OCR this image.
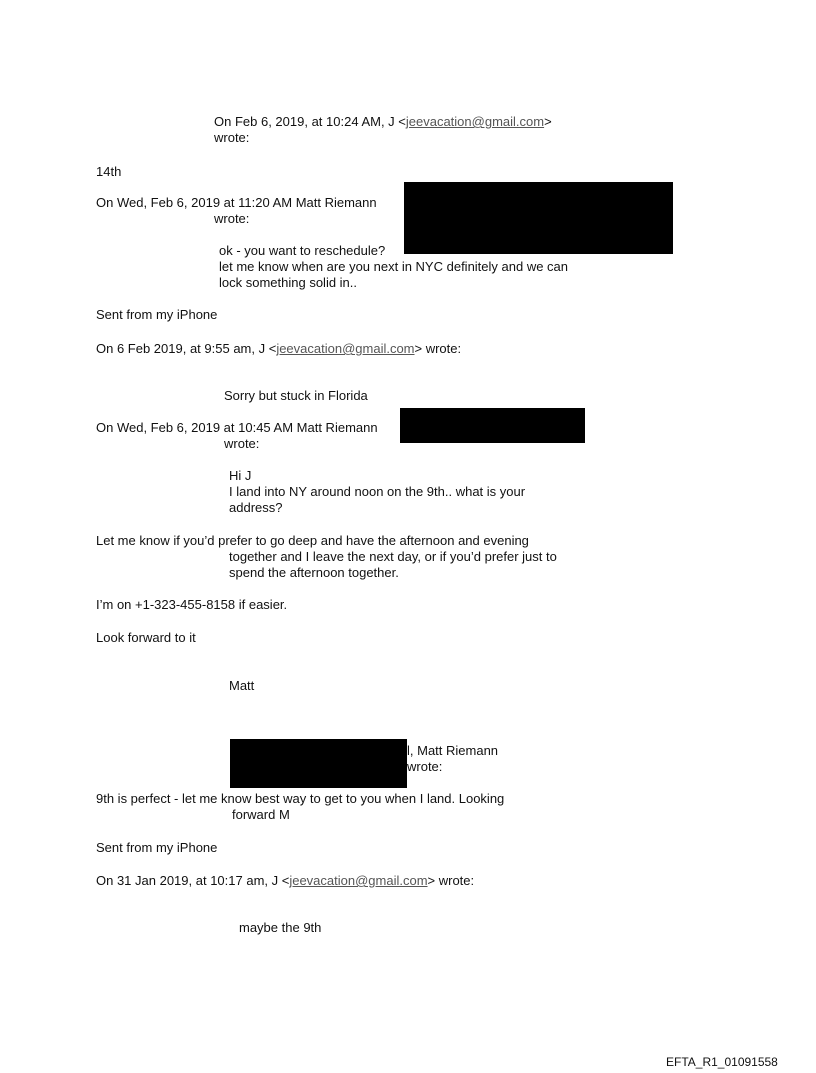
On Feb 6, 2019, at 10:24 AM, J <jeevacation@gmail.com>
wrote:
14th
On Wed, Feb 6, 2019 at 11:20 AM Matt Riemann
wrote:
ok - you want to reschedule?
let me know when are you next in NYC definitely and we can
lock something solid in..
Sent from my iPhone
On 6 Feb 2019, at 9:55 am, J <jeevacation@gmail.com> wrote:
Sorry but stuck in Florida
On Wed, Feb 6, 2019 at 10:45 AM Matt Riemann
wrote:
Hi J
I land into NY around noon on the 9th.. what is your
address?
Let me know if you’d prefer to go deep and have the afternoon and evening
together and I leave the next day, or if you’d prefer just to
spend the afternoon together.
I’m on +1-323-455-8158 if easier.
Look forward to it
Matt
l, Matt Riemann
wrote:
9th is perfect - let me know best way to get to you when I land. Looking
forward M
Sent from my iPhone
On 31 Jan 2019, at 10:17 am, J <jeevacation@gmail.com> wrote:
maybe the 9th
EFTA_R1_01091558
